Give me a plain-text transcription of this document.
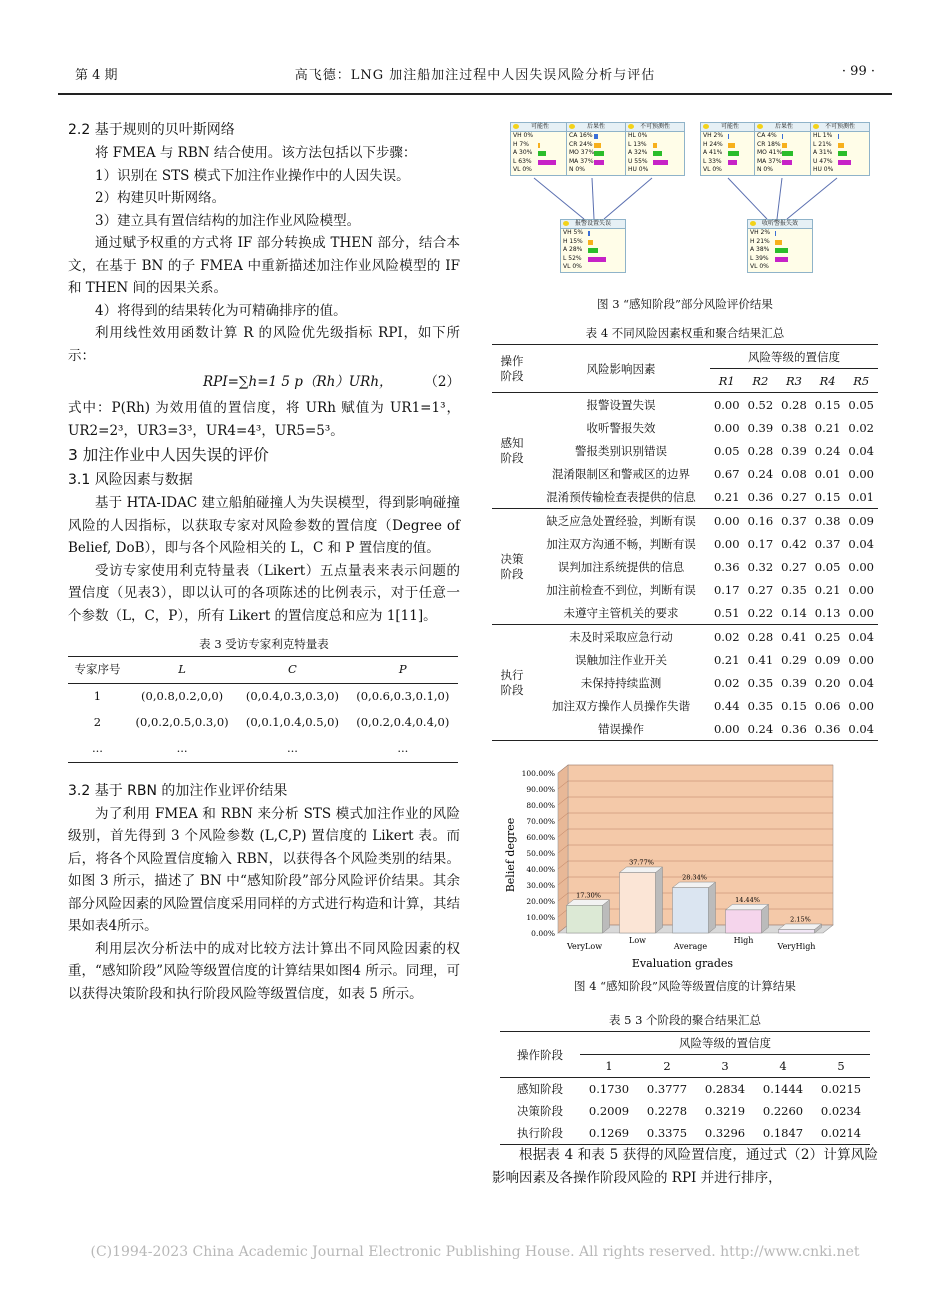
第 4 期	高飞德：LNG 加注船加注过程中人因失误风险分析与评估	· 99 ·

2.2 基于规则的贝叶斯网络

将 FMEA 与 RBN 结合使用。该方法包括以下步骤：

1）识别在 STS 模式下加注作业操作中的人因失误。

2）构建贝叶斯网络。

3）建立具有置信结构的加注作业风险模型。

通过赋予权重的方式将 IF 部分转换成 THEN 部分，结合本文，在基于 BN 的子 FMEA 中重新描述加注作业风险模型的 IF 和 THEN 间的因果关系。

4）将得到的结果转化为可精确排序的值。

利用线性效用函数计算 R 的风险优先级指标 RPI，如下所示：

RPI=∑h=1 5 p（Rh）URh， （2）

式中：P(Rh) 为效用值的置信度，将 URh 赋值为 UR1=1³，UR2=2³，UR3=3³，UR4=4³，UR5=5³。

3 加注作业中人因失误的评价

3.1 风险因素与数据

基于 HTA-IDAC 建立船舶碰撞人为失误模型，得到影响碰撞风险的人因指标，以获取专家对风险参数的置信度（Degree of Belief, DoB），即与各个风险相关的 L，C 和 P 置信度的值。

受访专家使用利克特量表（Likert）五点量表来表示问题的置信度（见表3），即以认可的各项陈述的比例表示，对于任意一个参数（L，C，P），所有 Likert 的置信度总和应为 1[11]。

表 3 受访专家利克特量表
专家序号	L	C	P
1	(0,0.8,0.2,0,0)	(0,0.4,0.3,0.3,0)	(0,0.6,0.3,0.1,0)
2	(0,0.2,0.5,0.3,0)	(0,0.1,0.4,0.5,0)	(0,0.2,0.4,0.4,0)
...	...	...	...

3.2 基于 RBN 的加注作业评价结果

为了利用 FMEA 和 RBN 来分析 STS 模式加注作业的风险级别，首先得到 3 个风险参数 (L,C,P) 置信度的 Likert 表。而后，将各个风险置信度输入 RBN，以获得各个风险类别的结果。如图 3 所示，描述了 BN 中“感知阶段”部分风险评价结果。其余部分风险因素的风险置信度采用同样的方式进行构造和计算，其结果如表4所示。

利用层次分析法中的成对比较方法计算出不同风险因素的权重，“感知阶段”风险等级置信度的计算结果如图4 所示。同理，可以获得决策阶段和执行阶段风险等级置信度，如表 5 所示。

可能性
VH 0%
H 7%
A 30%
L 63%
VL 0%
后果性
CA 16%
CR 24%
MO 37%
MA 37%
N 0%
不可预测性
HL 0%
L 13%
A 32%
U 55%
HU 0%
可能性
VH 2%
H 24%
A 41%
L 33%
VL 0%
后果性
CA 4%
CR 18%
MO 41%
MA 37%
N 0%
不可预测性
HL 1%
L 21%
A 31%
U 47%
HU 0%
报警设置失误
VH 5%
H 15%
A 28%
L 52%
VL 0%
收听警报失效
VH 2%
H 21%
A 38%
L 39%
VL 0%
图 3 “感知阶段”部分风险评价结果
表 4 不同风险因素权重和聚合结果汇总
操作阶段	风险影响因素	风险等级的置信度				
		R1	R2	R3	R4	R5
感知阶段	报警设置失误	0.00	0.52	0.28	0.15	0.05
	收听警报失效	0.00	0.39	0.38	0.21	0.02
	警报类别识别错误	0.05	0.28	0.39	0.24	0.04
	混淆限制区和警戒区的边界	0.67	0.24	0.08	0.01	0.00
	混淆预传输检查表提供的信息	0.21	0.36	0.27	0.15	0.01
决策阶段	缺乏应急处置经验，判断有误	0.00	0.16	0.37	0.38	0.09
	加注双方沟通不畅，判断有误	0.00	0.17	0.42	0.37	0.04
	误判加注系统提供的信息	0.36	0.32	0.27	0.05	0.00
	加注前检查不到位，判断有误	0.17	0.27	0.35	0.21	0.00
	未遵守主管机关的要求	0.51	0.22	0.14	0.13	0.00
执行阶段	未及时采取应急行动	0.02	0.28	0.41	0.25	0.04
	误触加注作业开关	0.21	0.41	0.29	0.09	0.00
	未保持持续监测	0.02	0.35	0.39	0.20	0.04
	加注双方操作人员操作失谐	0.44	0.35	0.15	0.06	0.00
	错误操作	0.00	0.24	0.36	0.36	0.04
0.00%
10.00%
20.00%
30.00%
40.00%
50.00%
60.00%
70.00%
80.00%
90.00%
100.00%
17.30%
VeryLow
37.77%
Low
28.34%
Average
14.44%
High
2.15%
VeryHigh
Evaluation grades
Belief degree
图 4 “感知阶段”风险等级置信度的计算结果
表 5 3 个阶段的聚合结果汇总
操作阶段	风险等级的置信度				
	1	2	3	4	5
感知阶段	0.1730	0.3777	0.2834	0.1444	0.0215
决策阶段	0.2009	0.2278	0.3219	0.2260	0.0234
执行阶段	0.1269	0.3375	0.3296	0.1847	0.0214

根据表 4 和表 5 获得的风险置信度，通过式（2）计算风险影响因素及各操作阶段风险的 RPI 并进行排序，

(C)1994-2023 China Academic Journal Electronic Publishing House. All rights reserved. http://www.cnki.net
